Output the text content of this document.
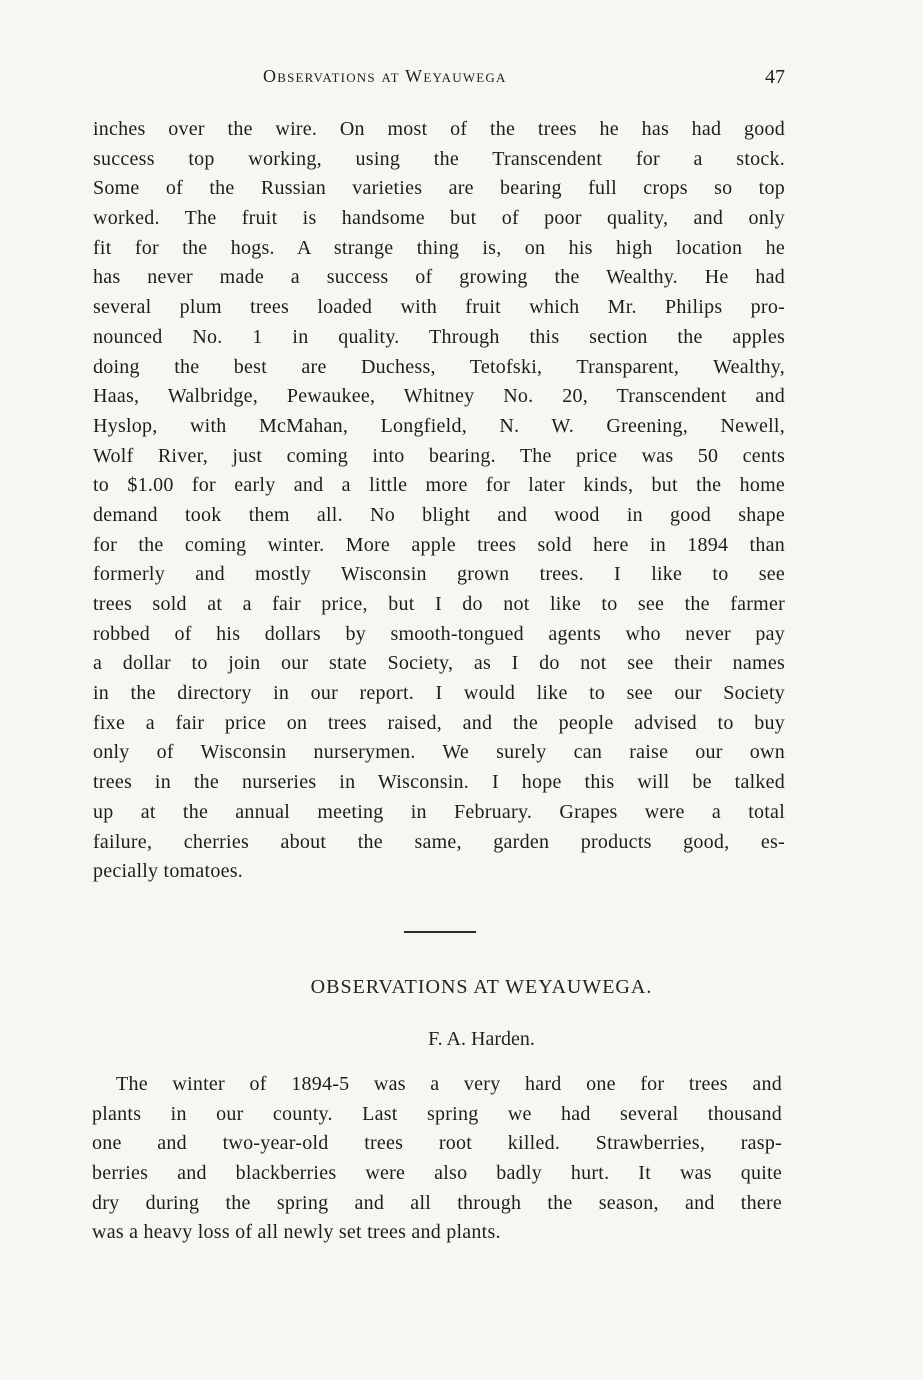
Observations at Weyauwega	47
inches over the wire. On most of the trees he has had good
success top working, using the Transcendent for a stock.
Some of the Russian varieties are bearing full crops so top
worked. The fruit is handsome but of poor quality, and only
fit for the hogs. A strange thing is, on his high location he
has never made a success of growing the Wealthy. He had
several plum trees loaded with fruit which Mr. Philips pro-
nounced No. 1 in quality. Through this section the apples
doing the best are Duchess, Tetofski, Transparent, Wealthy,
Haas, Walbridge, Pewaukee, Whitney No. 20, Transcendent and
Hyslop, with McMahan, Longfield, N. W. Greening, Newell,
Wolf River, just coming into bearing. The price was 50 cents
to $1.00 for early and a little more for later kinds, but the home
demand took them all. No blight and wood in good shape
for the coming winter. More apple trees sold here in 1894 than
formerly and mostly Wisconsin grown trees. I like to see
trees sold at a fair price, but I do not like to see the farmer
robbed of his dollars by smooth-tongued agents who never pay
a dollar to join our state Society, as I do not see their names
in the directory in our report. I would like to see our Society
fixe a fair price on trees raised, and the people advised to buy
only of Wisconsin nurserymen. We surely can raise our own
trees in the nurseries in Wisconsin. I hope this will be talked
up at the annual meeting in February. Grapes were a total
failure, cherries about the same, garden products good, es-
pecially tomatoes.
OBSERVATIONS AT WEYAUWEGA.
F. A. Harden.
The winter of 1894-5 was a very hard one for trees and
plants in our county. Last spring we had several thousand
one and two-year-old trees root killed. Strawberries, rasp-
berries and blackberries were also badly hurt. It was quite
dry during the spring and all through the season, and there
was a heavy loss of all newly set trees and plants.
